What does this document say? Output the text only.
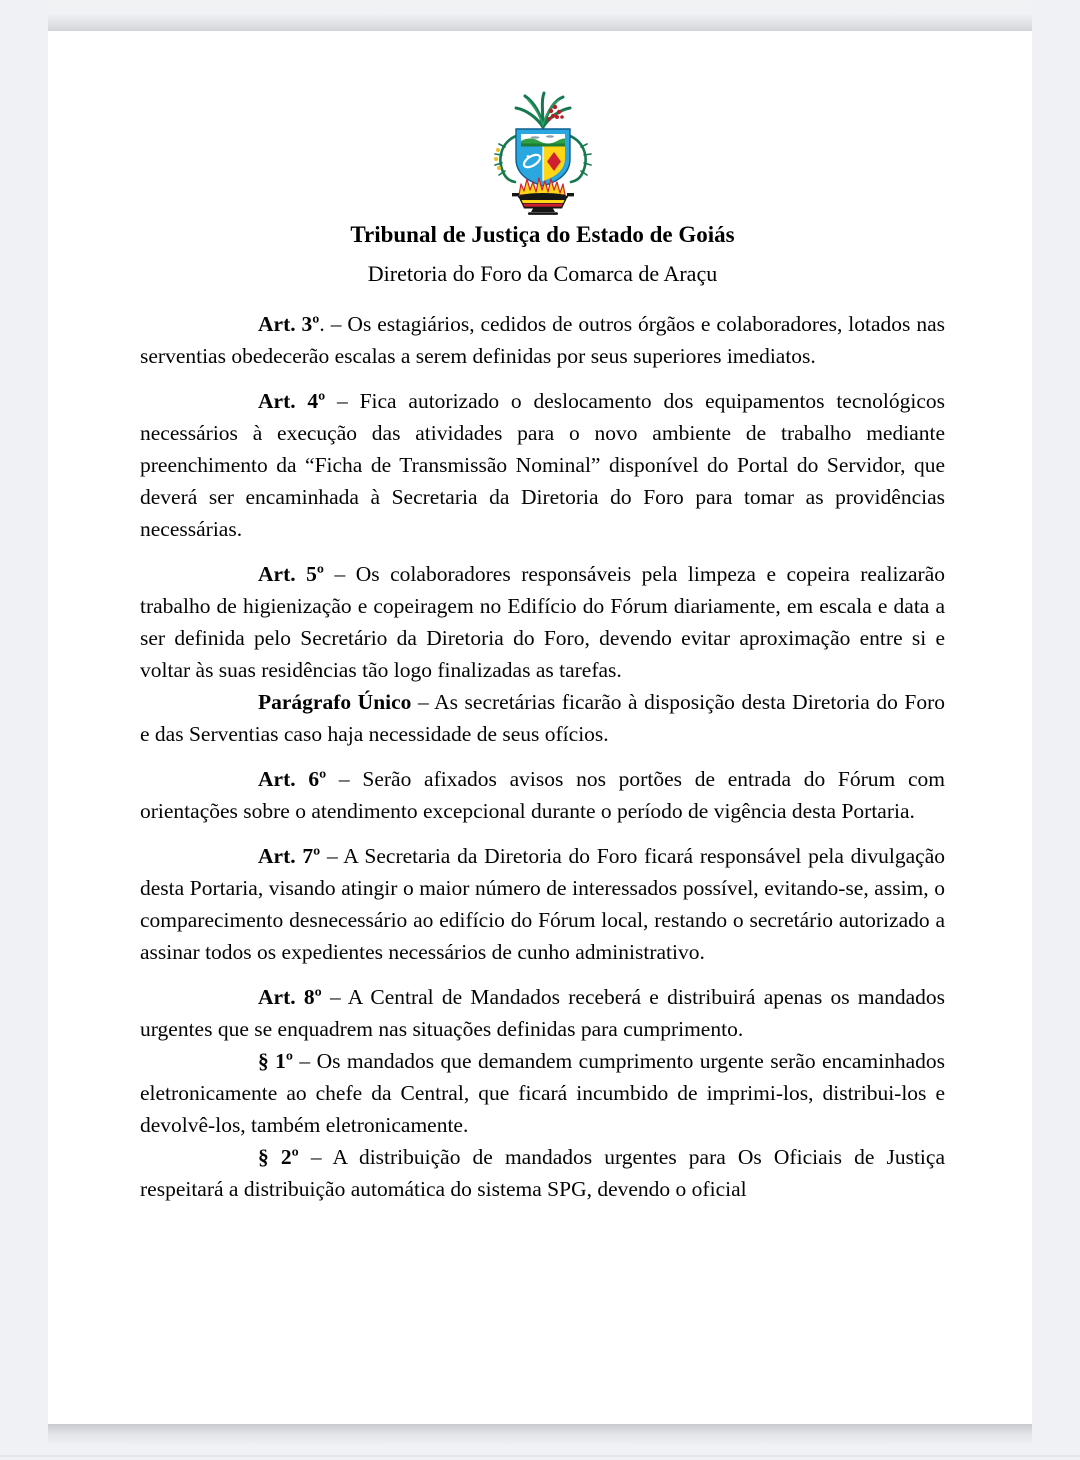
Tribunal de Justiça do Estado de Goiás
Diretoria do Foro da Comarca de Araçu

Art. 3º. – Os estagiários, cedidos de outros órgãos e colaboradores, lotados nas serventias obedecerão escalas a serem definidas por seus superiores imediatos.

Art. 4º – Fica autorizado o deslocamento dos equipamentos tecnológicos necessários à execução das atividades para o novo ambiente de trabalho mediante preenchimento da “Ficha de Transmissão Nominal” disponível do Portal do Servidor, que deverá ser encaminhada à Secretaria da Diretoria do Foro para tomar as providências necessárias.

Art. 5º – Os colaboradores responsáveis pela limpeza e copeira realizarão trabalho de higienização e copeiragem no Edifício do Fórum diariamente, em escala e data a ser definida pelo Secretário da Diretoria do Foro, devendo evitar aproximação entre si e voltar às suas residências tão logo finalizadas as tarefas.

Parágrafo Único – As secretárias ficarão à disposição desta Diretoria do Foro e das Serventias caso haja necessidade de seus ofícios.

Art. 6º – Serão afixados avisos nos portões de entrada do Fórum com orientações sobre o atendimento excepcional durante o período de vigência desta Portaria.

Art. 7º – A Secretaria da Diretoria do Foro ficará responsável pela divulgação desta Portaria, visando atingir o maior número de interessados possível, evitando-se, assim, o comparecimento desnecessário ao edifício do Fórum local, restando o secretário autorizado a assinar todos os expedientes necessários de cunho administrativo.

Art. 8º – A Central de Mandados receberá e distribuirá apenas os mandados urgentes que se enquadrem nas situações definidas para cumprimento.

§ 1º – Os mandados que demandem cumprimento urgente serão encaminhados eletronicamente ao chefe da Central, que ficará incumbido de imprimi-los, distribui-los e devolvê-los, também eletronicamente.

§ 2º – A distribuição de mandados urgentes para Os Oficiais de Justiça respeitará a distribuição automática do sistema SPG, devendo o oficial
